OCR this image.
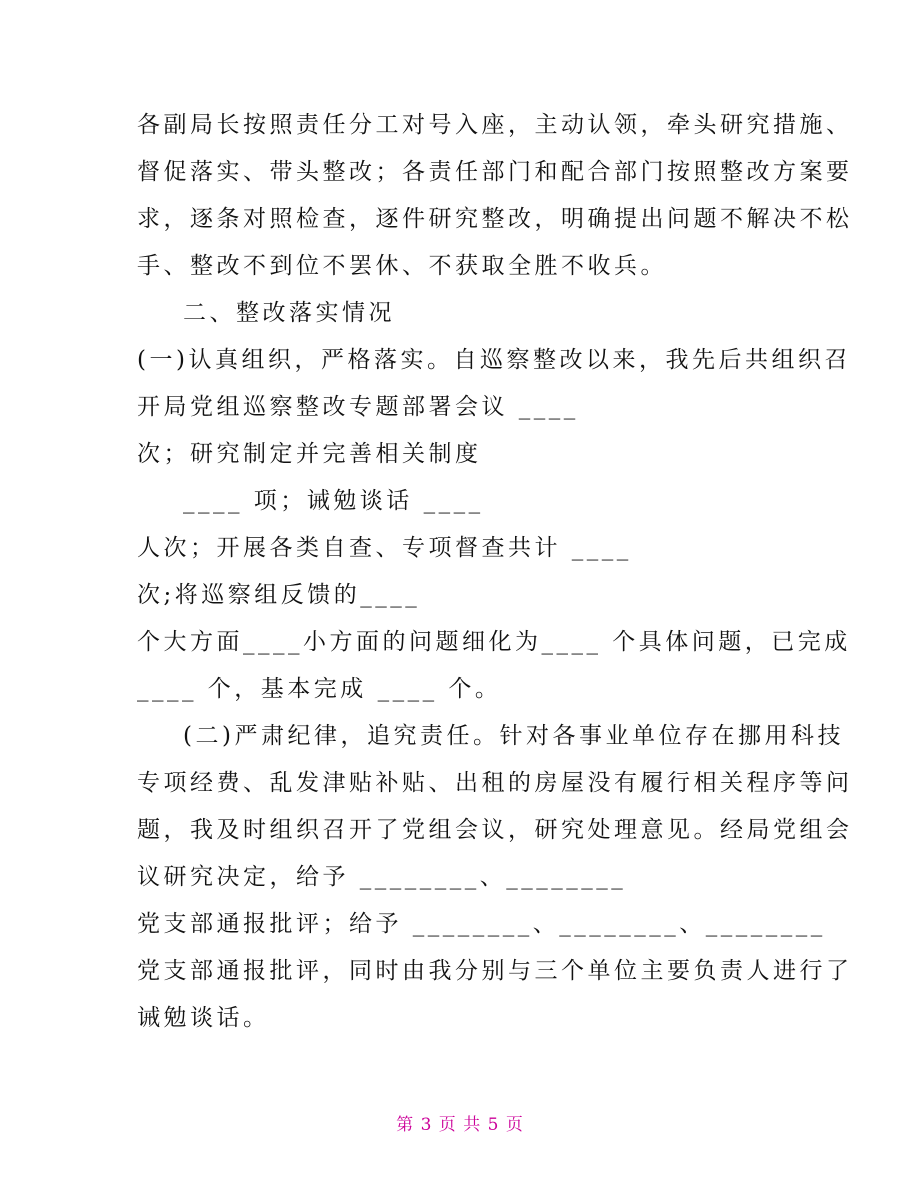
各副局长按照责任分工对号入座，主动认领，牵头研究措施、
督促落实、带头整改；各责任部门和配合部门按照整改方案要
求，逐条对照检查，逐件研究整改，明确提出问题不解决不松
手、整改不到位不罢休、不获取全胜不收兵。
二、整改落实情况
(一)认真组织，严格落实。自巡察整改以来，我先后共组织召
开局党组巡察整改专题部署会议 ____
次；研究制定并完善相关制度
____ 项；诫勉谈话 ____
人次；开展各类自查、专项督查共计 ____
次;将巡察组反馈的____
个大方面____小方面的问题细化为____ 个具体问题，已完成
____ 个，基本完成 ____ 个。
(二)严肃纪律，追究责任。针对各事业单位存在挪用科技
专项经费、乱发津贴补贴、出租的房屋没有履行相关程序等问
题，我及时组织召开了党组会议，研究处理意见。经局党组会
议研究决定，给予 ________、________
党支部通报批评；给予 ________、________、________
党支部通报批评，同时由我分别与三个单位主要负责人进行了
诫勉谈话。
第 3 页 共 5 页
